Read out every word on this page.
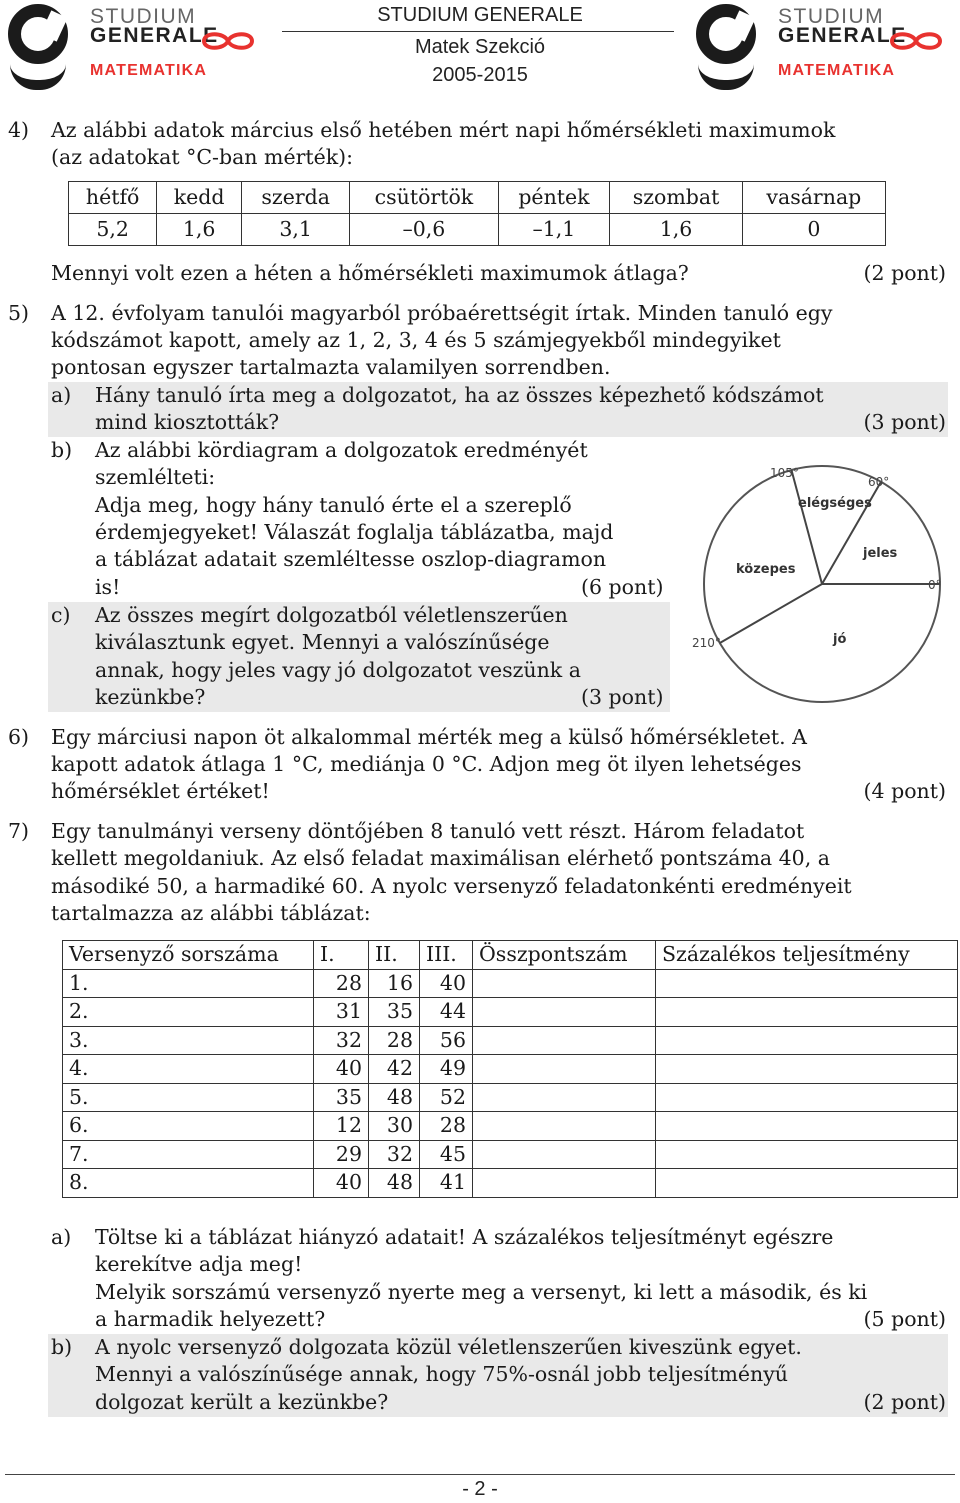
STUDIUM
GENERALE
MATEMATIKA
STUDIUM GENERALE
Matek Szekció
2005-2015
STUDIUM
GENERALE
MATEMATIKA
4) Az alábbi adatok március első hetében mért napi hőmérsékleti maximumok
(az adatokat °C-ban mérték):
hétfő	kedd	szerda	csütörtök	péntek	szombat	vasárnap
5,2	1,6	3,1	–0,6	–1,1	1,6	0
Mennyi volt ezen a héten a hőmérsékleti maximumok átlaga?	(2 pont)
5) A 12. évfolyam tanulói magyarból próbaérettségit írtak. Minden tanuló egy
kódszámot kapott, amely az 1, 2, 3, 4 és 5 számjegyekből mindegyiket
pontosan egyszer tartalmazta valamilyen sorrendben.
a) Hány tanuló írta meg a dolgozatot, ha az összes képezhető kódszámot
mind kiosztották?	(3 pont)
b) Az alábbi kördiagram a dolgozatok eredményét
szemlélteti:
Adja meg, hogy hány tanuló érte el a szereplő
érdemjegyeket! Válaszát foglalja táblázatba, majd
a táblázat adatait szemléltesse oszlop-diagramon
is!	(6 pont)
c) Az összes megírt dolgozatból véletlenszerűen
kiválasztunk egyet. Mennyi a valószínűsége
annak, hogy jeles vagy jó dolgozatot veszünk a
kezünkbe?	(3 pont)
105°
60°
0°
210°
elégséges
jeles
közepes
jó
6) Egy márciusi napon öt alkalommal mérték meg a külső hőmérsékletet. A
kapott adatok átlaga 1 °C, mediánja 0 °C. Adjon meg öt ilyen lehetséges
hőmérséklet értéket!	(4 pont)
7) Egy tanulmányi verseny döntőjében 8 tanuló vett részt. Három feladatot
kellett megoldaniuk. Az első feladat maximálisan elérhető pontszáma 40, a
másodiké 50, a harmadiké 60. A nyolc versenyző feladatonkénti eredményeit
tartalmazza az alábbi táblázat:
Versenyző sorszáma	I.	II.	III.	Összpontszám	Százalékos teljesítmény
1.	28	16	40		
2.	31	35	44		
3.	32	28	56		
4.	40	42	49		
5.	35	48	52		
6.	12	30	28		
7.	29	32	45		
8.	40	48	41		
a) Töltse ki a táblázat hiányzó adatait! A százalékos teljesítményt egészre
kerekítve adja meg!
Melyik sorszámú versenyző nyerte meg a versenyt, ki lett a második, és ki
a harmadik helyezett?	(5 pont)
b) A nyolc versenyző dolgozata közül véletlenszerűen kiveszünk egyet.
Mennyi a valószínűsége annak, hogy 75%-osnál jobb teljesítményű
dolgozat került a kezünkbe?	(2 pont)
- 2 -
